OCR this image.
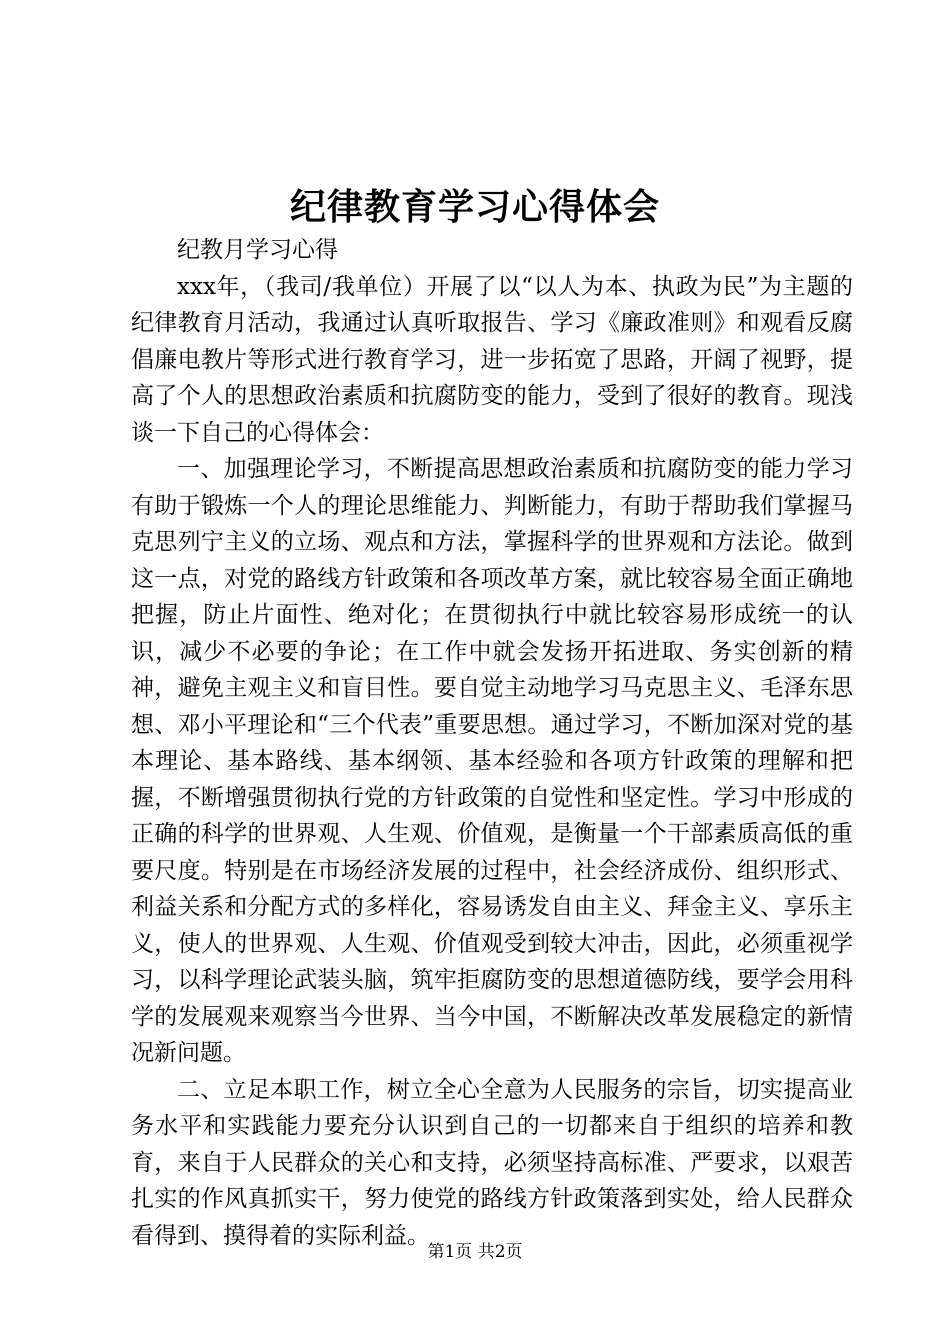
纪律教育学习心得体会

纪教月学习心得

xxx年，（我司/我单位）开展了以“以人为本、执政为民”为主题的纪律教育月活动，我通过认真听取报告、学习《廉政准则》和观看反腐倡廉电教片等形式进行教育学习，进一步拓宽了思路，开阔了视野，提高了个人的思想政治素质和抗腐防变的能力，受到了很好的教育。现浅谈一下自己的心得体会：

一、加强理论学习，不断提高思想政治素质和抗腐防变的能力学习有助于锻炼一个人的理论思维能力、判断能力，有助于帮助我们掌握马克思列宁主义的立场、观点和方法，掌握科学的世界观和方法论。做到这一点，对党的路线方针政策和各项改革方案，就比较容易全面正确地把握，防止片面性、绝对化；在贯彻执行中就比较容易形成统一的认识，减少不必要的争论；在工作中就会发扬开拓进取、务实创新的精神，避免主观主义和盲目性。要自觉主动地学习马克思主义、毛泽东思想、邓小平理论和“三个代表”重要思想。通过学习，不断加深对党的基本理论、基本路线、基本纲领、基本经验和各项方针政策的理解和把握，不断增强贯彻执行党的方针政策的自觉性和坚定性。学习中形成的正确的科学的世界观、人生观、价值观，是衡量一个干部素质高低的重要尺度。特别是在市场经济发展的过程中，社会经济成份、组织形式、利益关系和分配方式的多样化，容易诱发自由主义、拜金主义、享乐主义，使人的世界观、人生观、价值观受到较大冲击，因此，必须重视学习，以科学理论武装头脑，筑牢拒腐防变的思想道德防线，要学会用科学的发展观来观察当今世界、当今中国，不断解决改革发展稳定的新情况新问题。

二、立足本职工作，树立全心全意为人民服务的宗旨，切实提高业务水平和实践能力要充分认识到自己的一切都来自于组织的培养和教育，来自于人民群众的关心和支持，必须坚持高标准、严要求，以艰苦扎实的作风真抓实干，努力使党的路线方针政策落到实处，给人民群众看得到、摸得着的实际利益。

第1页 共2页
